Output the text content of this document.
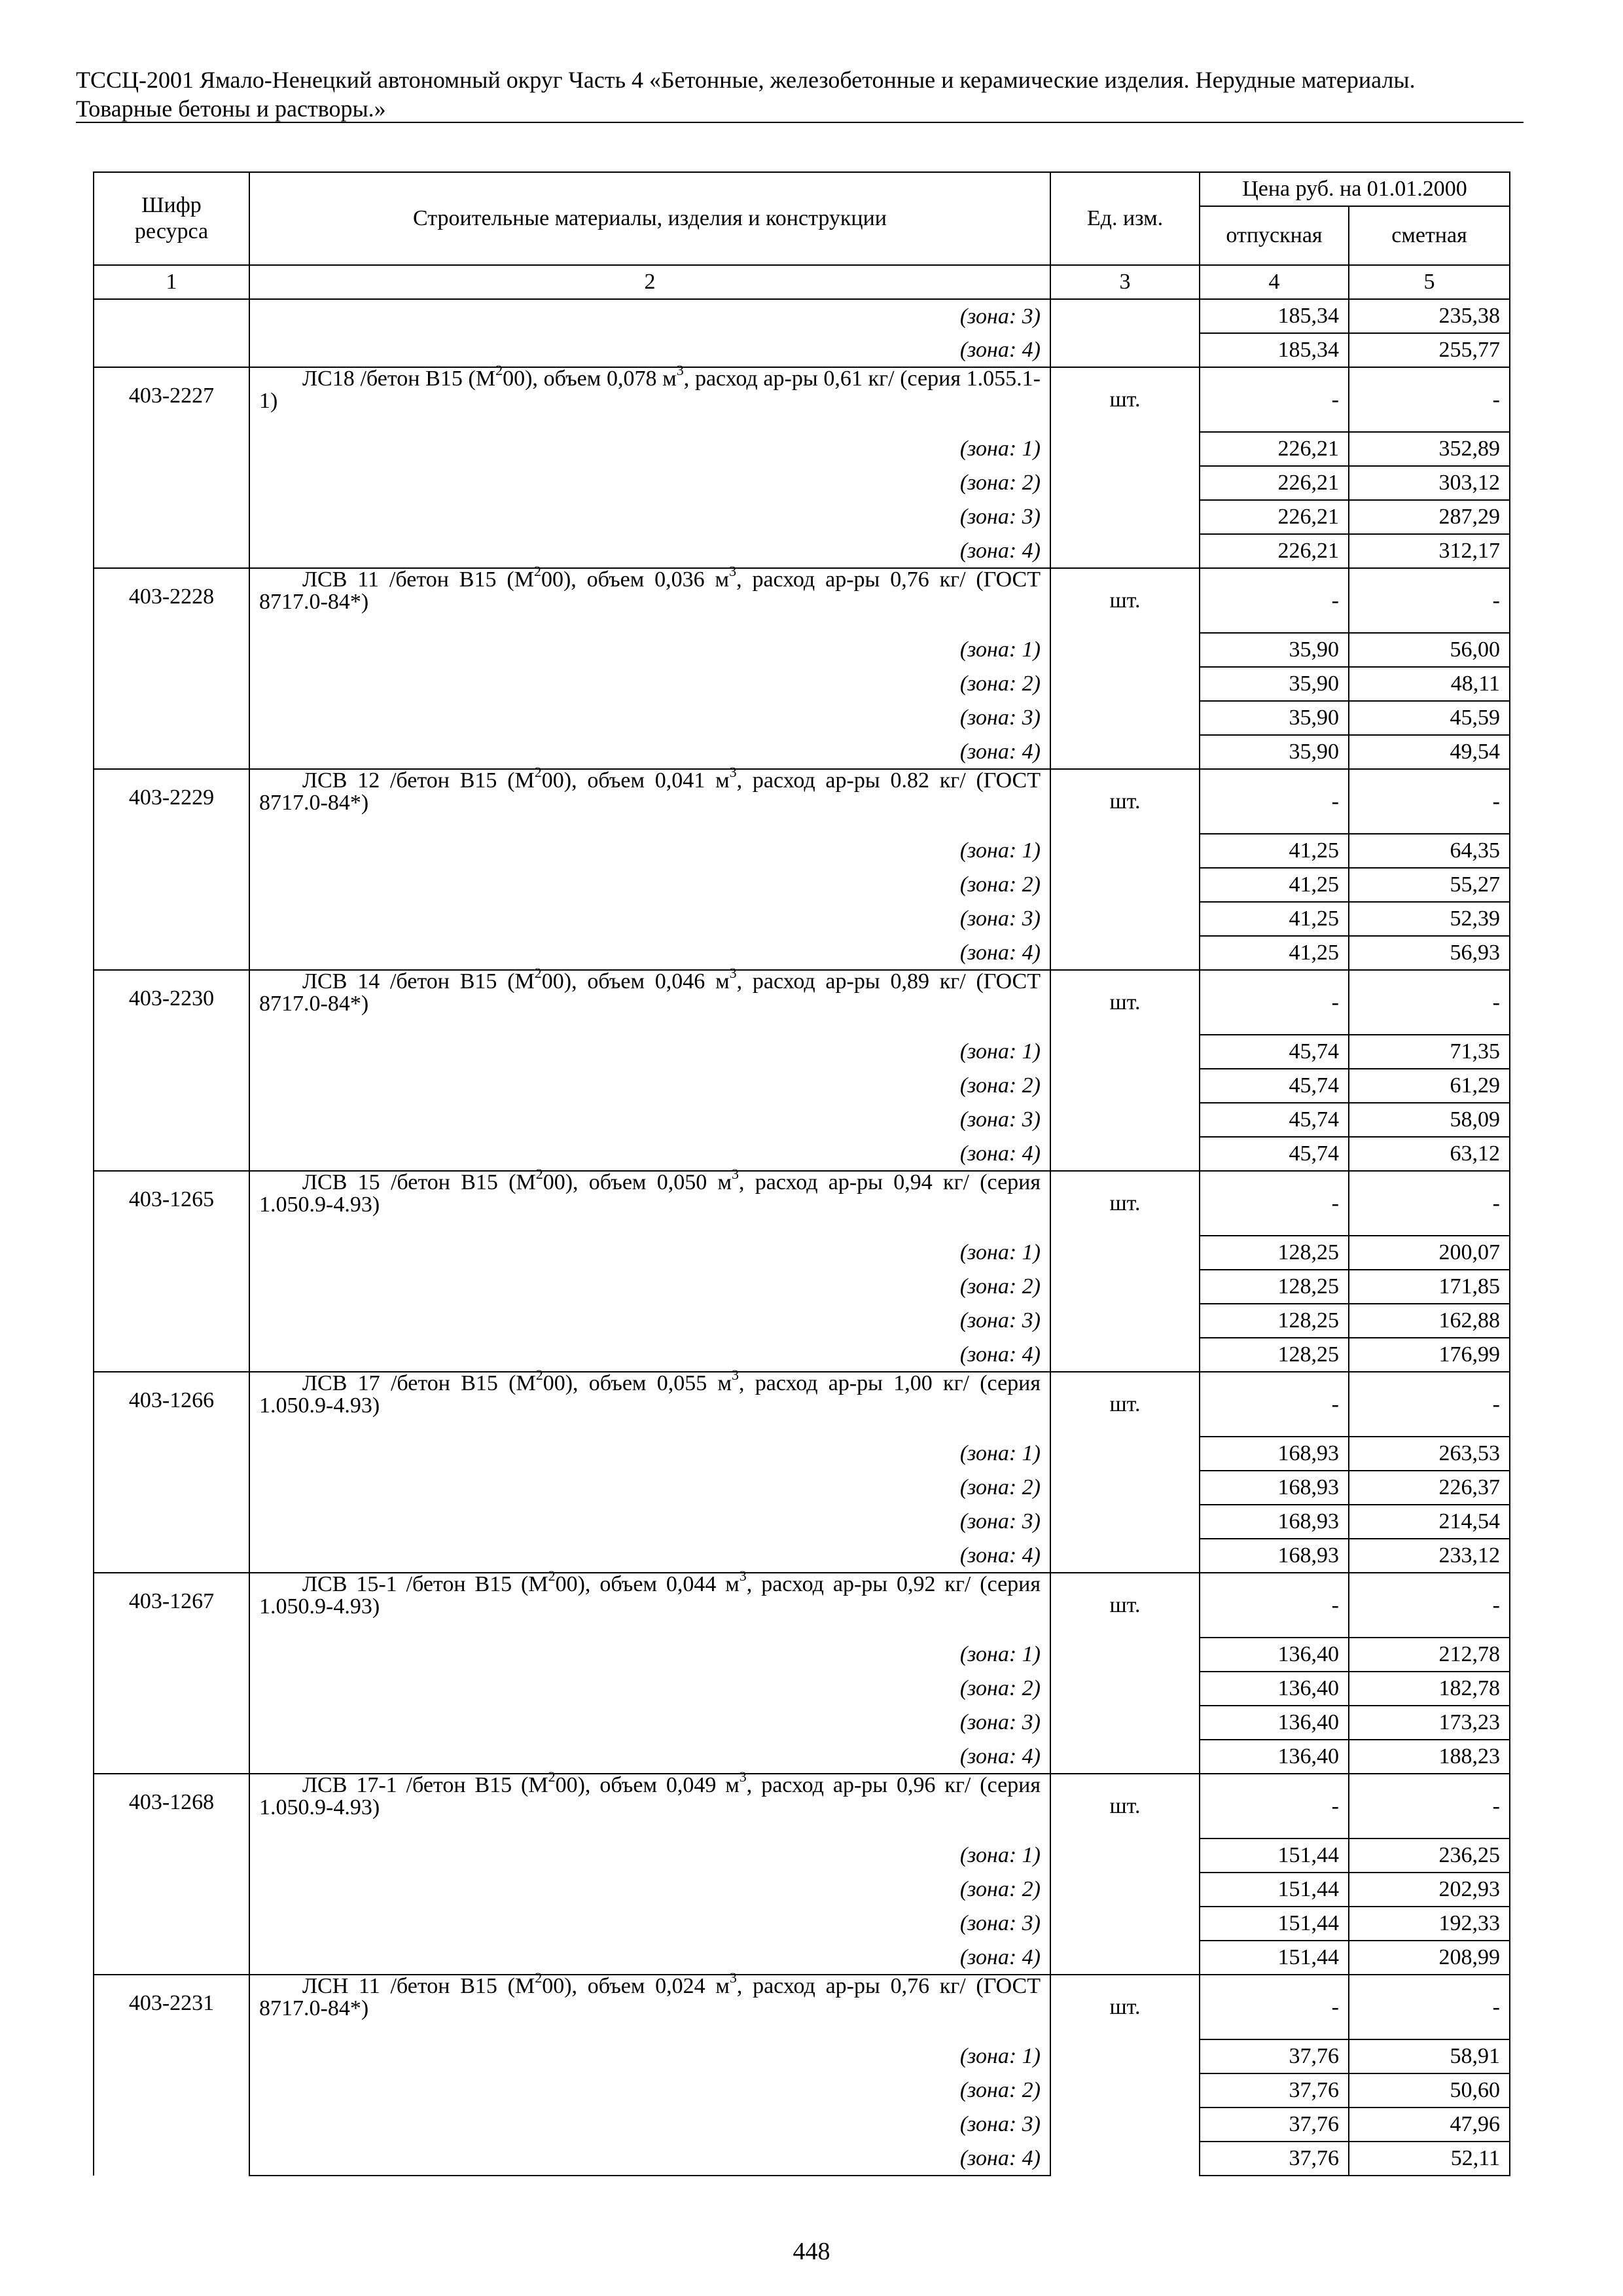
ТССЦ-2001 Ямало-Ненецкий автономный округ Часть 4 «Бетонные, железобетонные и керамические изделия. Нерудные материалы.
Товарные бетоны и растворы.»
Шифр ресурса	Строительные материалы, изделия и конструкции	Ед. изм.	Цена руб. на 01.01.2000	
			отпускная	сметная
1	2	3	4	5
	(зона: 3)		185,34	235,38
	(зона: 4)		185,34	255,77
403-2227	ЛС18 /бетон В15 $(М^200)$, объем 0,078 $м^3$, расход ар-ры 0,61 кг/ (серия 1.055.1-1)	шт.	-	-
	(зона: 1)		226,21	352,89
	(зона: 2)		226,21	303,12
	(зона: 3)		226,21	287,29
	(зона: 4)		226,21	312,17
403-2228	ЛСВ 11 /бетон В15 $(М^200)$, объем 0,036 $м^3$, расход ар-ры 0,76 кг/ (ГОСТ 8717.0-84*)	шт.	-	-
	(зона: 1)		35,90	56,00
	(зона: 2)		35,90	48,11
	(зона: 3)		35,90	45,59
	(зона: 4)		35,90	49,54
403-2229	ЛСВ 12 /бетон В15 $(М^200)$, объем 0,041 $м^3$, расход ар-ры 0.82 кг/ (ГОСТ 8717.0-84*)	шт.	-	-
	(зона: 1)		41,25	64,35
	(зона: 2)		41,25	55,27
	(зона: 3)		41,25	52,39
	(зона: 4)		41,25	56,93
403-2230	ЛСВ 14 /бетон В15 $(М^200)$, объем 0,046 $м^3$, расход ар-ры 0,89 кг/ (ГОСТ 8717.0-84*)	шт.	-	-
	(зона: 1)		45,74	71,35
	(зона: 2)		45,74	61,29
	(зона: 3)		45,74	58,09
	(зона: 4)		45,74	63,12
403-1265	ЛСВ 15 /бетон В15 $(М^200)$, объем 0,050 $м^3$, расход ар-ры 0,94 кг/ (серия 1.050.9-4.93)	шт.	-	-
	(зона: 1)		128,25	200,07
	(зона: 2)		128,25	171,85
	(зона: 3)		128,25	162,88
	(зона: 4)		128,25	176,99
403-1266	ЛСВ 17 /бетон В15 $(М^200)$, объем 0,055 $м^3$, расход ар-ры 1,00 кг/ (серия 1.050.9-4.93)	шт.	-	-
	(зона: 1)		168,93	263,53
	(зона: 2)		168,93	226,37
	(зона: 3)		168,93	214,54
	(зона: 4)		168,93	233,12
403-1267	ЛСВ 15-1 /бетон В15 $(М^200)$, объем 0,044 $м^3$, расход ар-ры 0,92 кг/ (серия 1.050.9-4.93)	шт.	-	-
	(зона: 1)		136,40	212,78
	(зона: 2)		136,40	182,78
	(зона: 3)		136,40	173,23
	(зона: 4)		136,40	188,23
403-1268	ЛСВ 17-1 /бетон В15 $(М^200)$, объем 0,049 $м^3$, расход ар-ры 0,96 кг/ (серия 1.050.9-4.93)	шт.	-	-
	(зона: 1)		151,44	236,25
	(зона: 2)		151,44	202,93
	(зона: 3)		151,44	192,33
	(зона: 4)		151,44	208,99
403-2231	ЛСН 11 /бетон В15 $(М^200)$, объем 0,024 $м^3$, расход ар-ры 0,76 кг/ (ГОСТ 8717.0-84*)	шт.	-	-
	(зона: 1)		37,76	58,91
	(зона: 2)		37,76	50,60
	(зона: 3)		37,76	47,96
	(зона: 4)		37,76	52,11
448
